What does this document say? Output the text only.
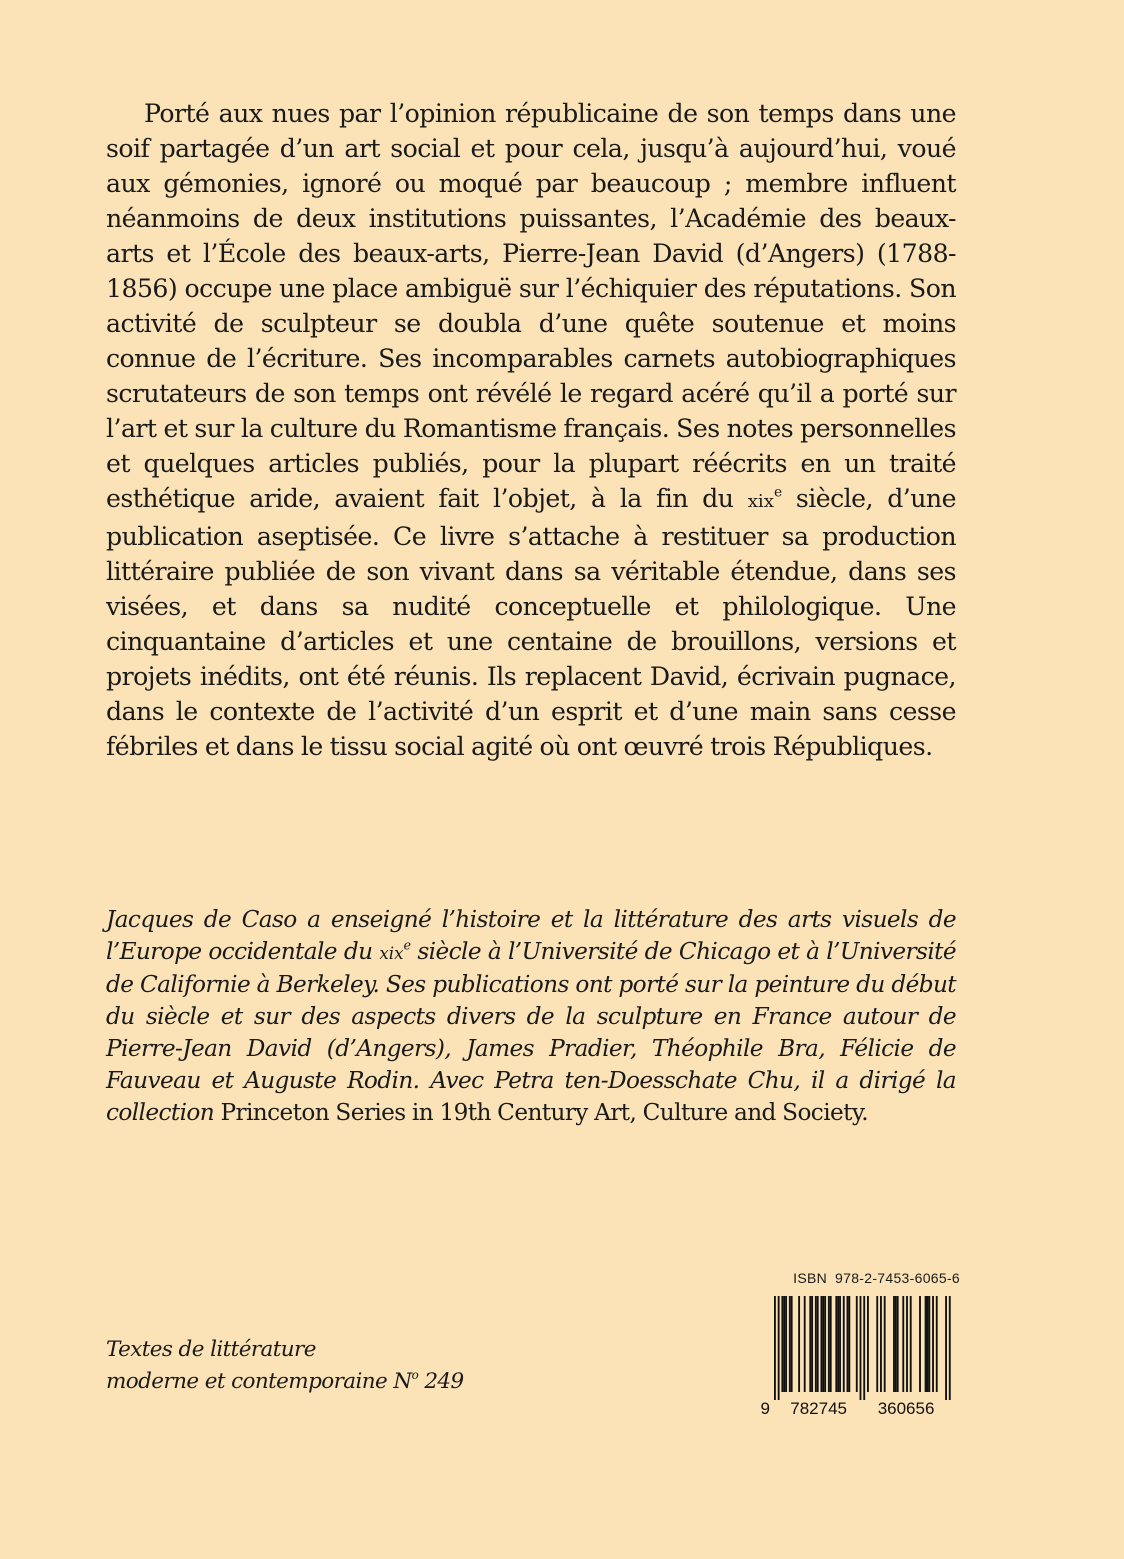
Porté aux nues par l’opinion républicaine de son temps dans une soif partagée d’un art social et pour cela, jusqu’à aujourd’hui, voué aux gémonies, ignoré ou moqué par beaucoup ; membre influent néanmoins de deux institutions puissantes, l’Académie des beaux-arts et l’École des beaux-arts, Pierre-Jean David (d’Angers) (1788-1856) occupe une place ambiguë sur l’échiquier des réputations. Son activité de sculpteur se doubla d’une quête soutenue et moins connue de l’écriture. Ses incomparables carnets autobiographiques scrutateurs de son temps ont révélé le regard acéré qu’il a porté sur l’art et sur la culture du Romantisme français. Ses notes personnelles et quelques articles publiés, pour la plupart réécrits en un traité esthétique aride, avaient fait l’objet, à la fin du xix$^e$ siècle, d’une publication aseptisée. Ce livre s’attache à restituer sa production littéraire publiée de son vivant dans sa véritable étendue, dans ses visées, et dans sa nudité conceptuelle et philologique. Une cinquantaine d’articles et une centaine de brouillons, versions et projets inédits, ont été réunis. Ils replacent David, écrivain pugnace, dans le contexte de l’activité d’un esprit et d’une main sans cesse fébriles et dans le tissu social agité où ont œuvré trois Républiques.

Jacques de Caso a enseigné l’histoire et la littérature des arts visuels de l’Europe occidentale du xix$^e$ siècle à l’Université de Chicago et à l’Université de Californie à Berkeley. Ses publications ont porté sur la peinture du début du siècle et sur des aspects divers de la sculpture en France autour de Pierre-Jean David (d’Angers), James Pradier, Théophile Bra, Félicie de Fauveau et Auguste Rodin. Avec Petra ten-Doesschate Chu, il a dirigé la collection Princeton Series in 19th Century Art, Culture and Society.

Textes de littérature
moderne et contemporaine $N^o$ 249

ISBN 978-2-7453-6065-6
9 782745 360656
